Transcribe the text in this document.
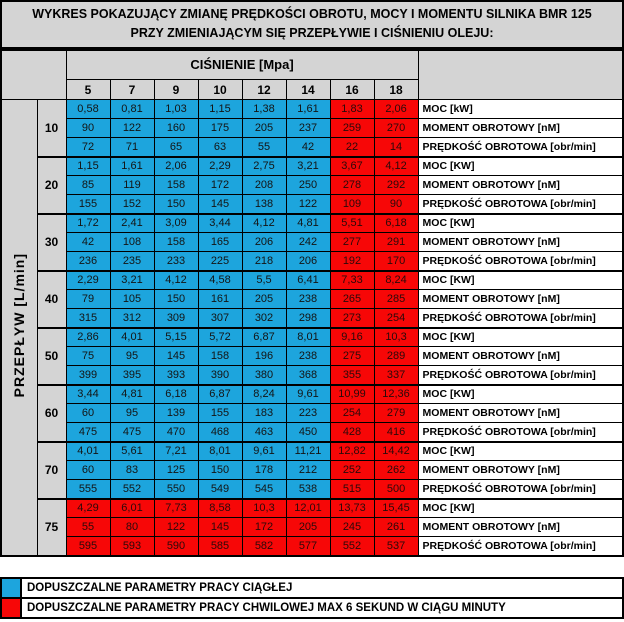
WYKRES POKAZUJĄCY ZMIANĘ PRĘDKOŚCI OBROTU, MOCY I MOMENTU SILNIKA BMR 125
PRZY ZMIENIAJĄCYM SIĘ PRZEPŁYWIE I CIŚNIENIU OLEJU:
		CIŚNIENIE [Mpa]								
		5	7	9	10	12	14	16	18	
PRZEPŁYW [L/min]	10	0,58	0,81	1,03	1,15	1,38	1,61	1,83	2,06	MOC [kW]
		90	122	160	175	205	237	259	270	MOMENT OBROTOWY [nM]
		72	71	65	63	55	42	22	14	PRĘDKOŚĆ OBROTOWA [obr/min]
	20	1,15	1,61	2,06	2,29	2,75	3,21	3,67	4,12	MOC [KW]
		85	119	158	172	208	250	278	292	MOMENT OBROTOWY [nM]
		155	152	150	145	138	122	109	90	PRĘDKOŚĆ OBROTOWA [obr/min]
	30	1,72	2,41	3,09	3,44	4,12	4,81	5,51	6,18	MOC [KW]
		42	108	158	165	206	242	277	291	MOMENT OBROTOWY [nM]
		236	235	233	225	218	206	192	170	PRĘDKOŚĆ OBROTOWA [obr/min]
	40	2,29	3,21	4,12	4,58	5,5	6,41	7,33	8,24	MOC [KW]
		79	105	150	161	205	238	265	285	MOMENT OBROTOWY [nM]
		315	312	309	307	302	298	273	254	PRĘDKOŚĆ OBROTOWA [obr/min]
	50	2,86	4,01	5,15	5,72	6,87	8,01	9,16	10,3	MOC [KW]
		75	95	145	158	196	238	275	289	MOMENT OBROTOWY [nM]
		399	395	393	390	380	368	355	337	PRĘDKOŚĆ OBROTOWA [obr/min]
	60	3,44	4,81	6,18	6,87	8,24	9,61	10,99	12,36	MOC [KW]
		60	95	139	155	183	223	254	279	MOMENT OBROTOWY [nM]
		475	475	470	468	463	450	428	416	PRĘDKOŚĆ OBROTOWA [obr/min]
	70	4,01	5,61	7,21	8,01	9,61	11,21	12,82	14,42	MOC [KW]
		60	83	125	150	178	212	252	262	MOMENT OBROTOWY [nM]
		555	552	550	549	545	538	515	500	PRĘDKOŚĆ OBROTOWA [obr/min]
	75	4,29	6,01	7,73	8,58	10,3	12,01	13,73	15,45	MOC [KW]
		55	80	122	145	172	205	245	261	MOMENT OBROTOWY [nM]
		595	593	590	585	582	577	552	537	PRĘDKOŚĆ OBROTOWA [obr/min]
DOPUSZCZALNE PARAMETRY PRACY CIĄGŁEJ
DOPUSZCZALNE PARAMETRY PRACY CHWILOWEJ MAX 6 SEKUND W CIĄGU MINUTY
